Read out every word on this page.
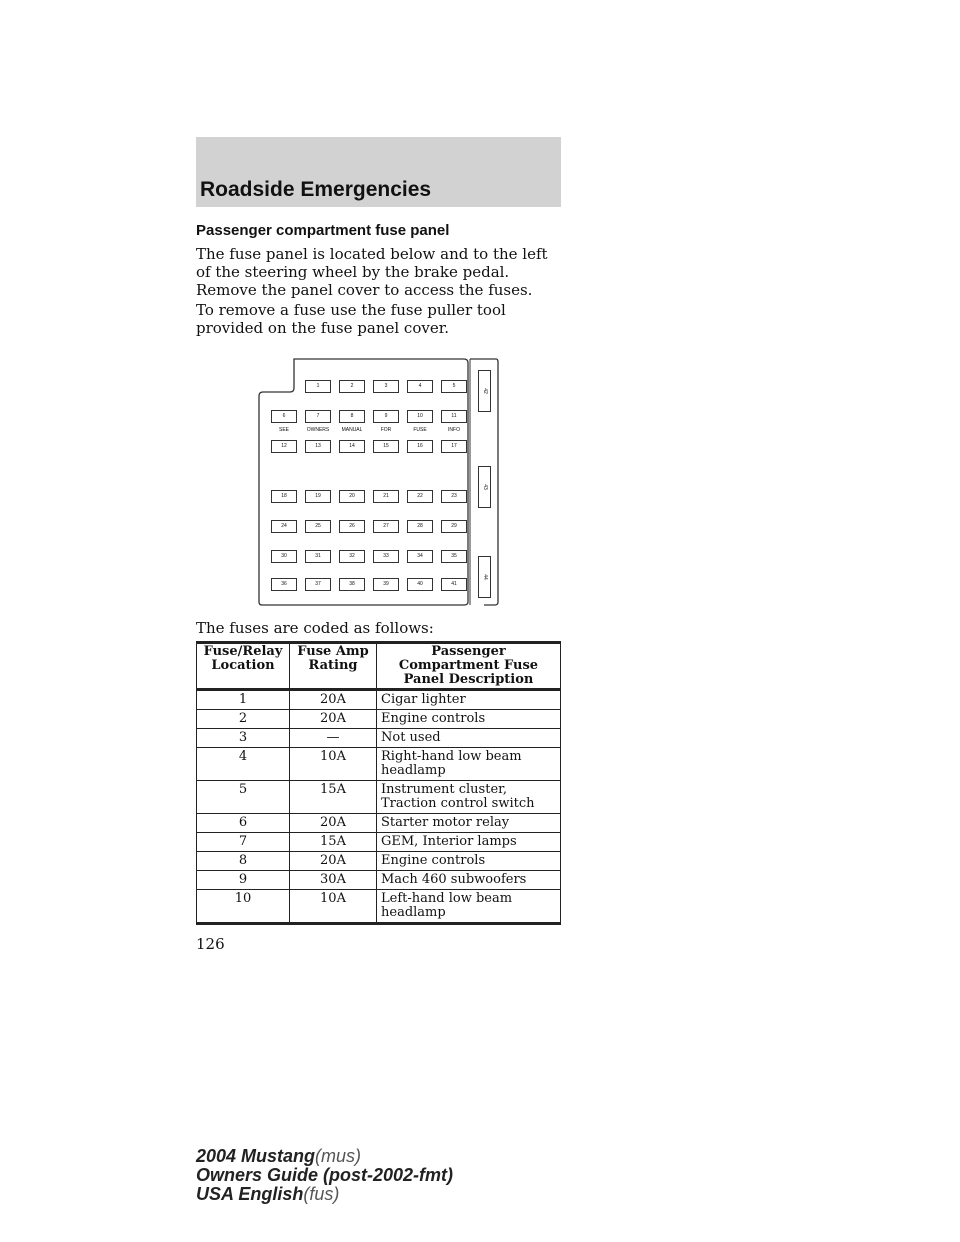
Roadside Emergencies
Passenger compartment fuse panel
The fuse panel is located below and to the left of the steering wheel by the brake pedal. Remove the panel cover to access the fuses.
To remove a fuse use the fuse puller tool provided on the fuse panel cover.
1	2	3	4	5
6	7	8	9	10	11
SEE	OWNERS	MANUAL	FOR	FUSE	INFO
12	13	14	15	16	17
18	19	20	21	22	23
24	25	26	27	28	29
30	31	32	33	34	35
36	37	38	39	40	41
42
43
44
The fuses are coded as follows:
Fuse/Relay Location	Fuse Amp Rating	Passenger Compartment Fuse Panel Description
1	20A	Cigar lighter
2	20A	Engine controls
3	—	Not used
4	10A	Right-hand low beam headlamp
5	15A	Instrument cluster, Traction control switch
6	20A	Starter motor relay
7	15A	GEM, Interior lamps
8	20A	Engine controls
9	30A	Mach 460 subwoofers
10	10A	Left-hand low beam headlamp
126
2004 Mustang(mus)
Owners Guide (post-2002-fmt)
USA English(fus)
